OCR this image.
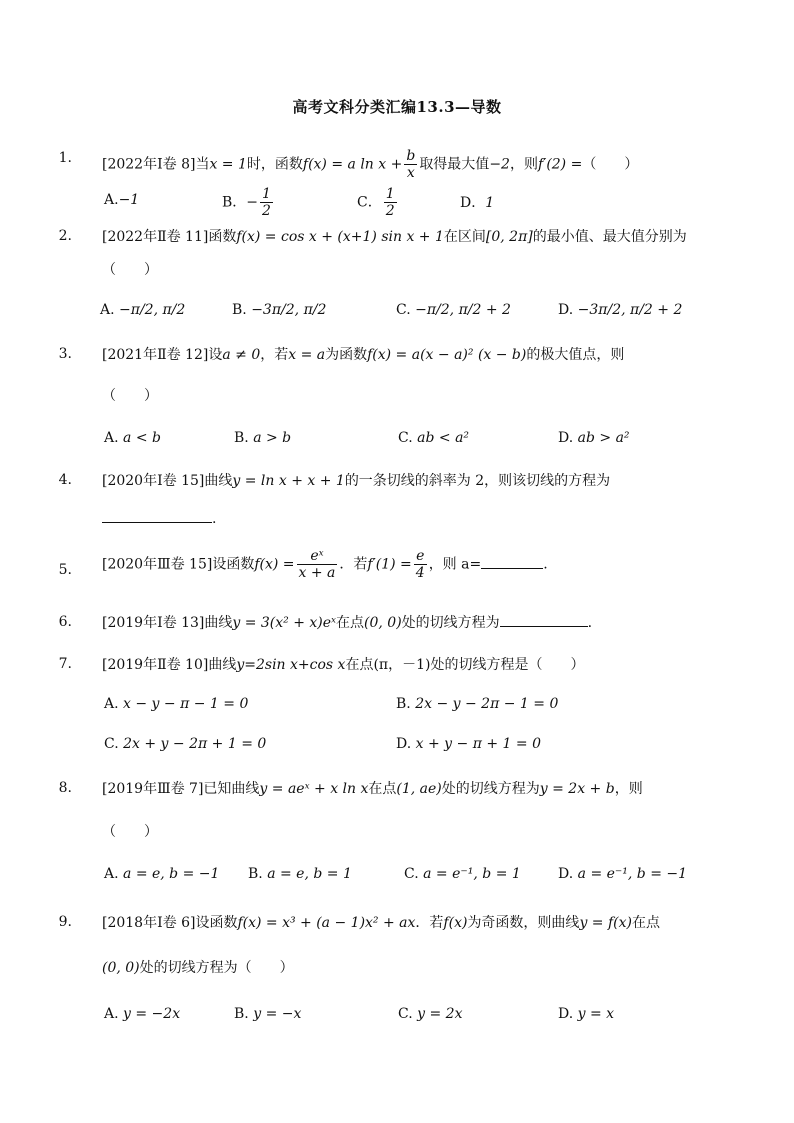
高考文科分类汇编13.3—导数
1. [2022年Ⅰ卷 8]当x = 1时，函数f(x) = a $\ln x + \frac{b}{x}$ 取得最大值−2，则f′(2) =（　　）
A.−1	B．− $\frac{1}{2}$	C． $\frac{1}{2}$	D．1
2. [2022年Ⅱ卷 11]函数f(x) = cos x + (x+1) sin x + 1在区间[0, 2π]的最小值、最大值分别为
（　　）
A. −π/2, π/2	B. −3π/2, π/2	C. −π/2, π/2 + 2	D. −3π/2, π/2 + 2
3. [2021年Ⅱ卷 12]设a ≠ 0，若x = a为函数f(x) = a(x − a)² (x − b)的极大值点，则
（　　）
A. a < b	B. a > b	C. ab < a²	D. ab > a²
4. [2020年Ⅰ卷 15]曲线y = ln x + x + 1的一条切线的斜率为 2，则该切线的方程为
.
5. [2020年Ⅲ卷 15]设函数$f(x) = \frac{\text{eˣ}}{x + a}$ ．若$f'(1) = \frac{e}{4}$ ，则 a=	.
6. [2019年Ⅰ卷 13]曲线y = 3(x² + x)eˣ在点(0, 0)处的切线方程为	.
7. [2019年Ⅱ卷 10]曲线y=2sin x+cos x在点(π，－1)处的切线方程是（　　）
A. x − y − π − 1 = 0	B. 2x − y − 2π − 1 = 0
C. 2x + y − 2π + 1 = 0	D. x + y − π + 1 = 0
8. [2019年Ⅲ卷 7]已知曲线y = aeˣ + x ln x在点(1, ae)处的切线方程为y = 2x + b，则
（　　）
A. a = e, b = −1 B. a = e, b = 1	C. a = e⁻¹, b = 1	D. a = e⁻¹, b = −1
9. [2018年Ⅰ卷 6]设函数f(x) = x³ + (a − 1)x² + ax．若f(x)为奇函数，则曲线y = f(x)在点
(0, 0)处的切线方程为（　　）
A. y = −2x	B. y = −x	C. y = 2x	D. y = x
